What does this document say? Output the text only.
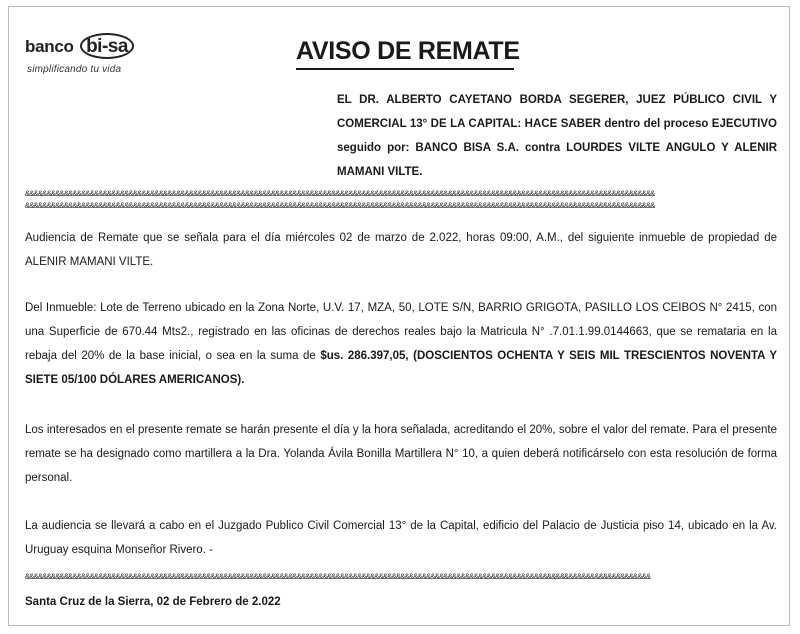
banco bi-sa
simplificando tu vida
AVISO DE REMATE

EL DR. ALBERTO CAYETANO BORDA SEGERER, JUEZ PÚBLICO CIVIL Y COMERCIAL 13° DE LA CAPITAL: HACE SABER dentro del proceso EJECUTIVO seguido por: BANCO BISA S.A. contra LOURDES VILTE ANGULO Y ALENIR MAMANI VILTE.

&&&&&&&&&&&&&&&&&&&&&&&&&&&&&&&&&&&&&&&&&&&&&&&&&&&&&&&&&&&&&&&&&&&&&&&&&&&&&&&&&&&&&&&&&&&&&&&&&&&&&&&&&&&&&&&&&&&&&&&&&&&&&&&&&&&&&&&&&&&&&&&&&&
&&&&&&&&&&&&&&&&&&&&&&&&&&&&&&&&&&&&&&&&&&&&&&&&&&&&&&&&&&&&&&&&&&&&&&&&&&&&&&&&&&&&&&&&&&&&&&&&&&&&&&&&&&&&&&&&&&&&&&&&&&&&&&&&&&&&&&&&&&&&&&&&&&

Audiencia de Remate que se señala para el día miércoles 02 de marzo de 2.022, horas 09:00, A.M., del siguiente inmueble de propiedad de ALENIR MAMANI VILTE.

Del Inmueble: Lote de Terreno ubicado en la Zona Norte, U.V. 17, MZA, 50, LOTE S/N, BARRIO GRIGOTA, PASILLO LOS CEIBOS N° 2415, con una Superficie de 670.44 Mts2., registrado en las oficinas de derechos reales bajo la Matricula N° .7.01.1.99.0144663, que se remataria en la rebaja del 20% de la base inicial, o sea en la suma de $us. 286.397,05, (DOSCIENTOS OCHENTA Y SEIS MIL TRESCIENTOS NOVENTA Y SIETE 05/100 DÓLARES AMERICANOS).

Los interesados en el presente remate se harán presente el día y la hora señalada, acreditando el 20%, sobre el valor del remate. Para el presente remate se ha designado como martillera a la Dra. Yolanda Ávila Bonilla Martillera N° 10, a quien deberá notificárselo con esta resolución de forma personal.

La audiencia se llevará a cabo en el Juzgado Publico Civil Comercial 13° de la Capital, edificio del Palacio de Justicia piso 14, ubicado en la Av. Uruguay esquina Monseñor Rivero. -

&&&&&&&&&&&&&&&&&&&&&&&&&&&&&&&&&&&&&&&&&&&&&&&&&&&&&&&&&&&&&&&&&&&&&&&&&&&&&&&&&&&&&&&&&&&&&&&&&&&&&&&&&&&&&&&&&&&&&&&&&&&&&&&&&&&&&&&&&&&&&&&&&

Santa Cruz de la Sierra, 02 de Febrero de 2.022
